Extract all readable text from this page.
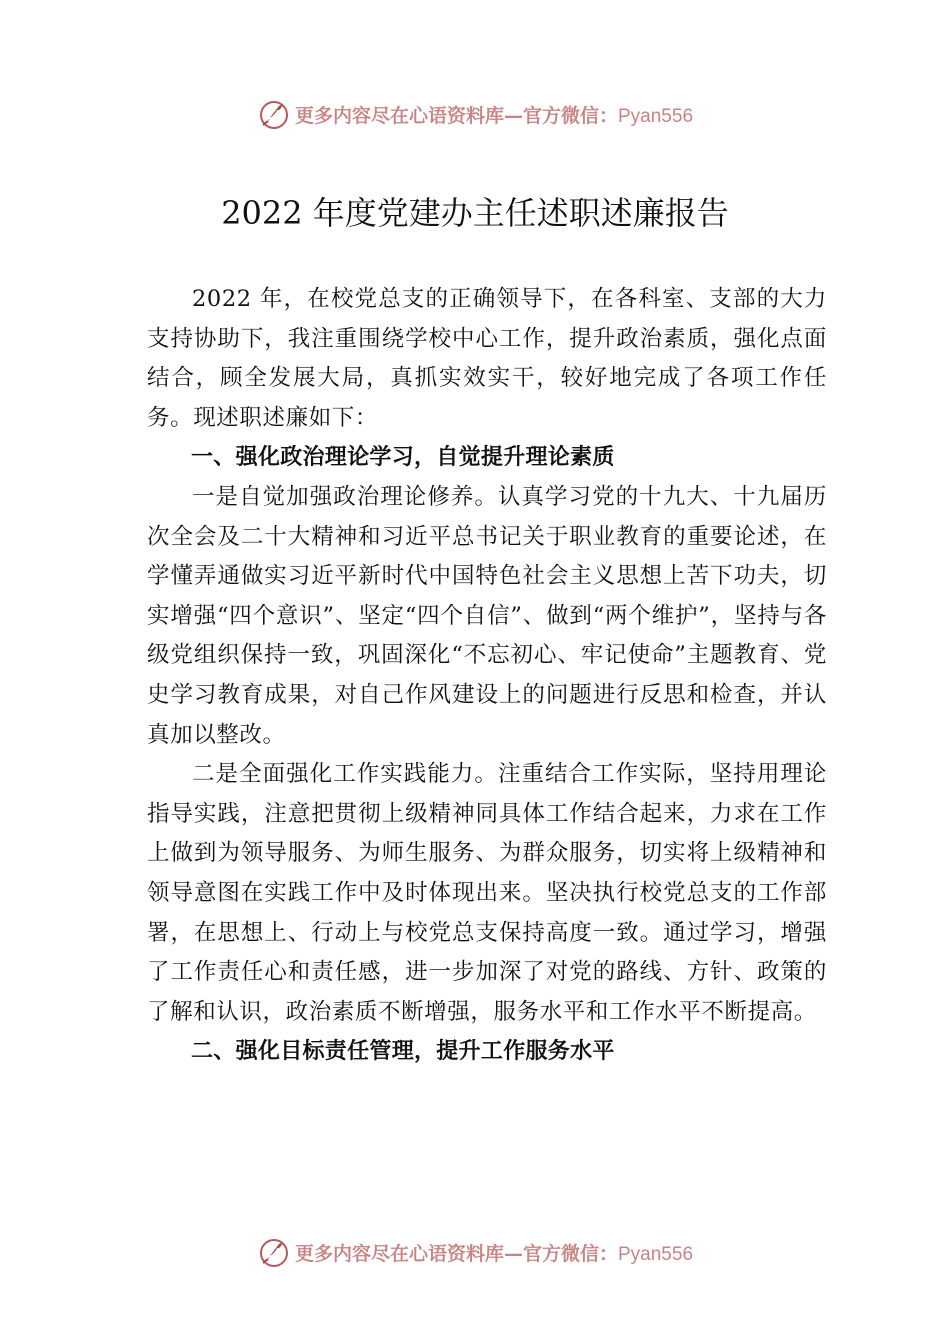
更多内容尽在心语资料库—官方微信：Pyan556
2022 年度党建办主任述职述廉报告

2022 年，在校党总支的正确领导下，在各科室、支部的大力支持协助下，我注重围绕学校中心工作，提升政治素质，强化点面结合，顾全发展大局，真抓实效实干，较好地完成了各项工作任务。现述职述廉如下：

一、强化政治理论学习，自觉提升理论素质

一是自觉加强政治理论修养。认真学习党的十九大、十九届历次全会及二十大精神和习近平总书记关于职业教育的重要论述，在学懂弄通做实习近平新时代中国特色社会主义思想上苦下功夫，切实增强“四个意识”、坚定“四个自信”、做到“两个维护”，坚持与各级党组织保持一致，巩固深化“不忘初心、牢记使命”主题教育、党史学习教育成果，对自己作风建设上的问题进行反思和检查，并认真加以整改。

二是全面强化工作实践能力。注重结合工作实际，坚持用理论指导实践，注意把贯彻上级精神同具体工作结合起来，力求在工作上做到为领导服务、为师生服务、为群众服务，切实将上级精神和领导意图在实践工作中及时体现出来。坚决执行校党总支的工作部署，在思想上、行动上与校党总支保持高度一致。通过学习，增强了工作责任心和责任感，进一步加深了对党的路线、方针、政策的了解和认识，政治素质不断增强，服务水平和工作水平不断提高。

二、强化目标责任管理，提升工作服务水平

更多内容尽在心语资料库—官方微信：Pyan556
